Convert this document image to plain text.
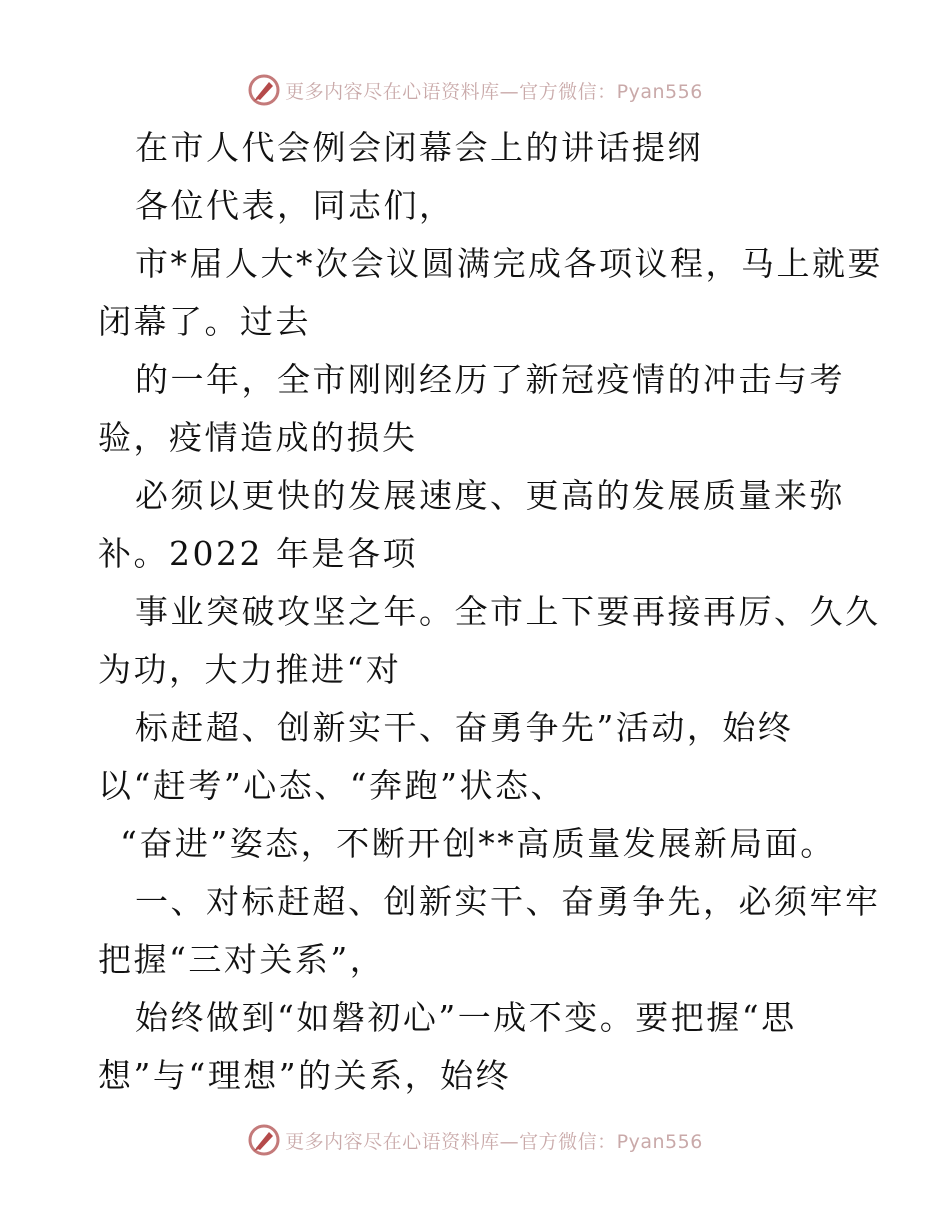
更多内容尽在心语资料库—官方微信：Pyan556
在市人代会例会闭幕会上的讲话提纲
各位代表，同志们，
市*届人大*次会议圆满完成各项议程，马上就要
闭幕了。过去
的一年，全市刚刚经历了新冠疫情的冲击与考
验，疫情造成的损失
必须以更快的发展速度、更高的发展质量来弥
补。2022 年是各项
事业突破攻坚之年。全市上下要再接再厉、久久
为功，大力推进“对
标赶超、创新实干、奋勇争先”活动，始终
以“赶考”心态、“奔跑”状态、
“奋进”姿态，不断开创**高质量发展新局面。
一、对标赶超、创新实干、奋勇争先，必须牢牢
把握“三对关系”，
始终做到“如磐初心”一成不变。要把握“思
想”与“理想”的关系，始终
更多内容尽在心语资料库—官方微信：Pyan556
